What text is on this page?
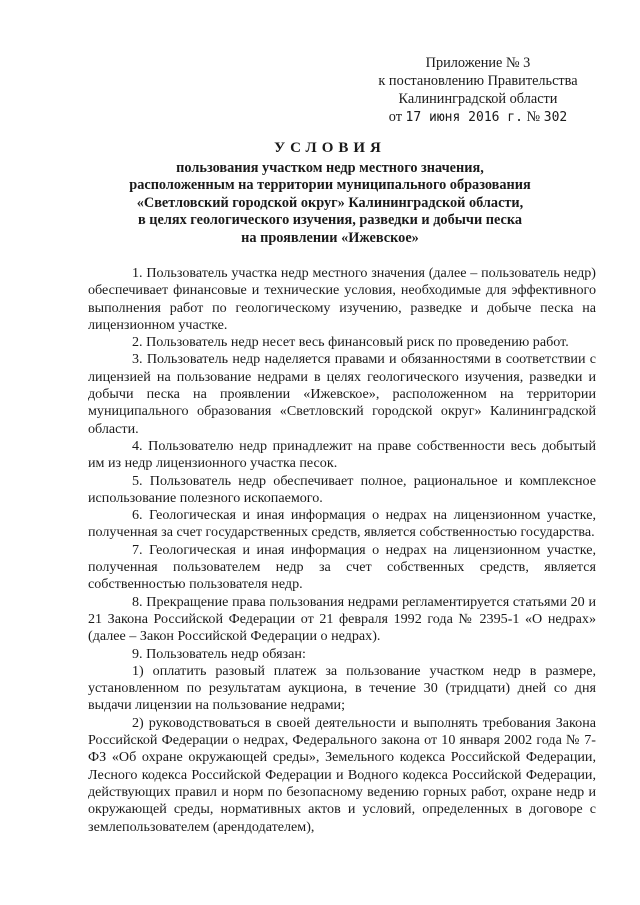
Приложение № 3
к постановлению Правительства
Калининградской области
от 17 июня 2016 г. № 302
УСЛОВИЯ
пользования участком недр местного значения,
расположенным на территории муниципального образования
«Светловский городской округ» Калининградской области,
в целях геологического изучения, разведки и добычи песка
на проявлении «Ижевское»

1. Пользователь участка недр местного значения (далее – пользователь недр) обеспечивает финансовые и технические условия, необходимые для эффективного выполнения работ по геологическому изучению, разведке и добыче песка на лицензионном участке.

2. Пользователь недр несет весь финансовый риск по проведению работ.

3. Пользователь недр наделяется правами и обязанностями в соответствии с лицензией на пользование недрами в целях геологического изучения, разведки и добычи песка на проявлении «Ижевское», расположенном на территории муниципального образования «Светловский городской округ» Калининградской области.

4. Пользователю недр принадлежит на праве собственности весь добытый им из недр лицензионного участка песок.

5. Пользователь недр обеспечивает полное, рациональное и комплексное использование полезного ископаемого.

6. Геологическая и иная информация о недрах на лицензионном участке, полученная за счет государственных средств, является собственностью государства.

7. Геологическая и иная информация о недрах на лицензионном участке, полученная пользователем недр за счет собственных средств, является собственностью пользователя недр.

8. Прекращение права пользования недрами регламентируется статьями 20 и 21 Закона Российской Федерации от 21 февраля 1992 года № 2395-1 «О недрах» (далее – Закон Российской Федерации о недрах).

9. Пользователь недр обязан:

1) оплатить разовый платеж за пользование участком недр в размере, установленном по результатам аукциона, в течение 30 (тридцати) дней со дня выдачи лицензии на пользование недрами;

2) руководствоваться в своей деятельности и выполнять требования Закона Российской Федерации о недрах, Федерального закона от 10 января 2002 года № 7-ФЗ «Об охране окружающей среды», Земельного кодекса Российской Федерации, Лесного кодекса Российской Федерации и Водного кодекса Российской Федерации, действующих правил и норм по безопасному ведению горных работ, охране недр и окружающей среды, нормативных актов и условий, определенных в договоре с землепользователем (арендодателем),
